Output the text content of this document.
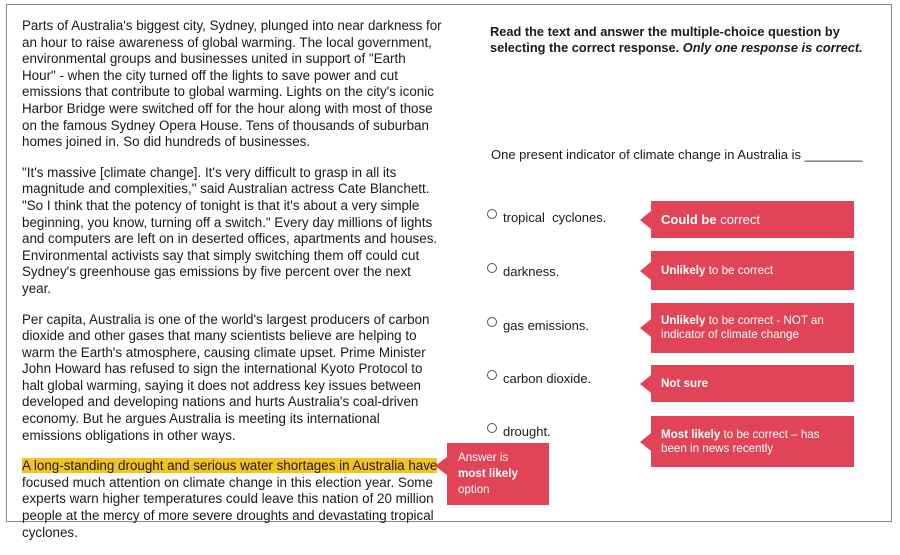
Parts of Australia's biggest city, Sydney, plunged into near darkness for an hour to raise awareness of global warming. The local government, environmental groups and businesses united in support of "Earth Hour" - when the city turned off the lights to save power and cut emissions that contribute to global warming. Lights on the city's iconic Harbor Bridge were switched off for the hour along with most of those on the famous Sydney Opera House. Tens of thousands of suburban homes joined in. So did hundreds of businesses.

"It's massive [climate change]. It's very difficult to grasp in all its magnitude and complexities," said Australian actress Cate Blanchett. "So I think that the potency of tonight is that it's about a very simple beginning, you know, turning off a switch." Every day millions of lights and computers are left on in deserted offices, apartments and houses. Environmental activists say that simply switching them off could cut Sydney's greenhouse gas emissions by five percent over the next year.

Per capita, Australia is one of the world's largest producers of carbon dioxide and other gases that many scientists believe are helping to warm the Earth's atmosphere, causing climate upset. Prime Minister John Howard has refused to sign the international Kyoto Protocol to halt global warming, saying it does not address key issues between developed and developing nations and hurts Australia's coal-driven economy. But he argues Australia is meeting its international emissions obligations in other ways.

A long-standing drought and serious water shortages in Australia have focused much attention on climate change in this election year. Some experts warn higher temperatures could leave this nation of 20 million people at the mercy of more severe droughts and devastating tropical cyclones.

Read the text and answer the multiple-choice question by selecting the correct response. Only one response is correct.
One present indicator of climate change in Australia is ________
tropical  cyclones.
darkness.
gas emissions.
carbon dioxide.
drought.
Could be correct
Unlikely to be correct
Unlikely to be correct - NOT an indicator of climate change
Not sure
Most likely to be correct – has been in news recently
Answer is
most likely
option
